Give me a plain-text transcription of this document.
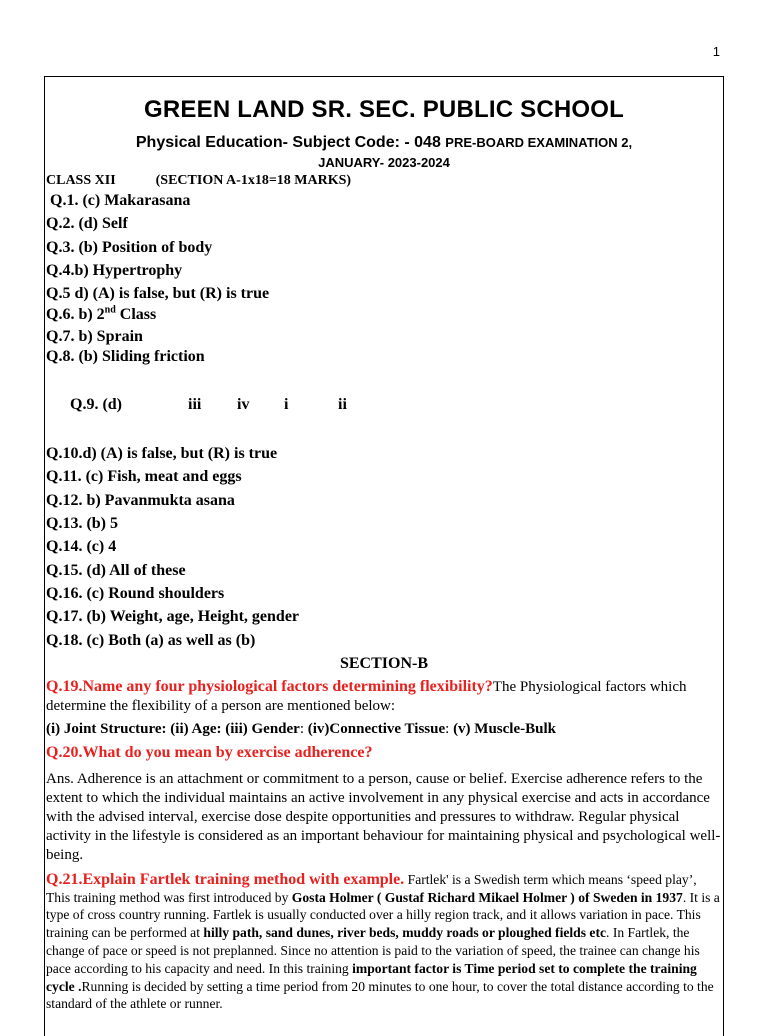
1
GREEN LAND SR. SEC. PUBLIC SCHOOL
Physical Education- Subject Code: - 048 PRE-BOARD EXAMINATION 2,
JANUARY- 2023-2024
CLASS XII	(SECTION A-1x18=18 MARKS)
Q.1. (c) Makarasana
Q.2. (d) Self
Q.3. (b) Position of body
Q.4.b) Hypertrophy
Q.5 d) (A) is false, but (R) is true
Q.6. b) 2nd Class
Q.7. b) Sprain
Q.8. (b) Sliding friction

Q.9. (d)	iii iv i	ii

Q.10.d) (A) is false, but (R) is true
Q.11. (c) Fish, meat and eggs
Q.12. b) Pavanmukta asana
Q.13. (b) 5
Q.14. (c) 4
Q.15. (d) All of these
Q.16. (c) Round shoulders
Q.17. (b) Weight, age, Height, gender
Q.18. (c) Both (a) as well as (b)
SECTION-B

Q.19.Name any four physiological factors determining flexibility?The Physiological factors which determine the flexibility of a person are mentioned below:

(i) Joint Structure: (ii) Age: (iii) Gender: (iv)Connective Tissue: (v) Muscle-Bulk

Q.20.What do you mean by exercise adherence?

Ans. Adherence is an attachment or commitment to a person, cause or belief. Exercise adherence refers to the extent to which the individual maintains an active involvement in any physical exercise and acts in accordance with the advised interval, exercise dose despite opportunities and pressures to withdraw. Regular physical activity in the lifestyle is considered as an important behaviour for maintaining physical and psychological well-being.

Q.21.Explain Fartlek training method with example. Fartlek' is a Swedish term which means ‘speed play’, This training method was first introduced by Gosta Holmer ( Gustaf Richard Mikael Holmer ) of Sweden in 1937. It is a type of cross country running. Fartlek is usually conducted over a hilly region track, and it allows variation in pace. This training can be performed at hilly path, sand dunes, river beds, muddy roads or ploughed fields etc. In Fartlek, the change of pace or speed is not preplanned. Since no attention is paid to the variation of speed, the trainee can change his pace according to his capacity and need. In this training important factor is Time period set to complete the training cycle .Running is decided by setting a time period from 20 minutes to one hour, to cover the total distance according to the standard of the athlete or runner.
